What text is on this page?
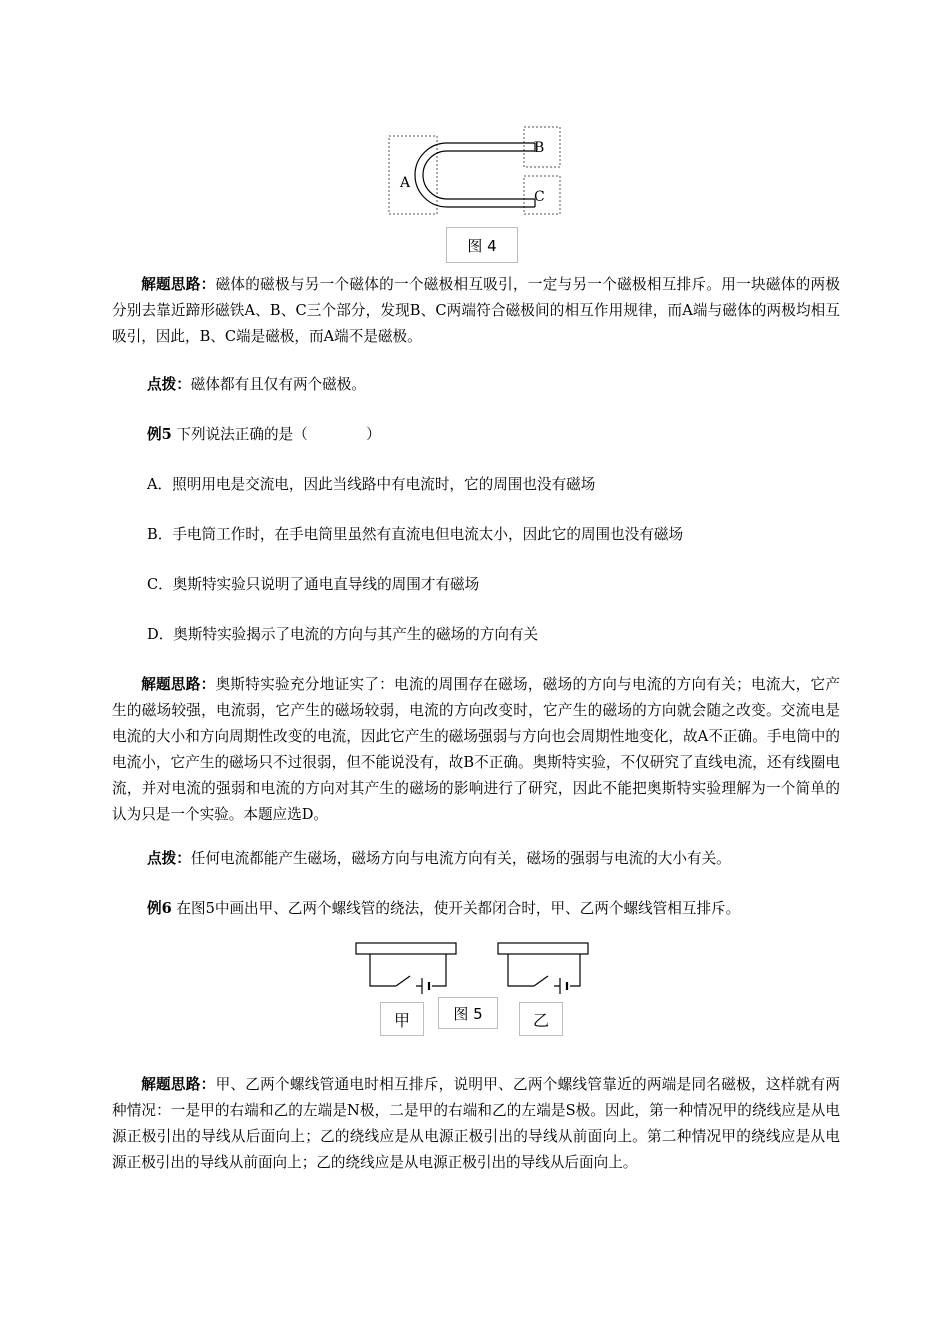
A
B
C
图 4

解题思路：磁体的磁极与另一个磁体的一个磁极相互吸引，一定与另一个磁极相互排斥。用一块磁体的两极分别去靠近蹄形磁铁A、B、C三个部分，发现B、C两端符合磁极间的相互作用规律，而A端与磁体的两极均相互吸引，因此，B、C端是磁极，而A端不是磁极。

点拨：磁体都有且仅有两个磁极。

例5 下列说法正确的是（　　　　）

A．照明用电是交流电，因此当线路中有电流时，它的周围也没有磁场

B．手电筒工作时，在手电筒里虽然有直流电但电流太小，因此它的周围也没有磁场

C．奥斯特实验只说明了通电直导线的周围才有磁场

D．奥斯特实验揭示了电流的方向与其产生的磁场的方向有关

解题思路：奥斯特实验充分地证实了：电流的周围存在磁场，磁场的方向与电流的方向有关；电流大，它产生的磁场较强，电流弱，它产生的磁场较弱，电流的方向改变时，它产生的磁场的方向就会随之改变。交流电是电流的大小和方向周期性改变的电流，因此它产生的磁场强弱与方向也会周期性地变化，故A不正确。手电筒中的电流小，它产生的磁场只不过很弱，但不能说没有，故B不正确。奥斯特实验，不仅研究了直线电流，还有线圈电流，并对电流的强弱和电流的方向对其产生的磁场的影响进行了研究，因此不能把奥斯特实验理解为一个简单的认为只是一个实验。本题应选D。

点拨：任何电流都能产生磁场，磁场方向与电流方向有关，磁场的强弱与电流的大小有关。

例6 在图5中画出甲、乙两个螺线管的绕法，使开关都闭合时，甲、乙两个螺线管相互排斥。

甲	图 5	乙

解题思路：甲、乙两个螺线管通电时相互排斥，说明甲、乙两个螺线管靠近的两端是同名磁极，这样就有两种情况：一是甲的右端和乙的左端是N极，二是甲的右端和乙的左端是S极。因此，第一种情况甲的绕线应是从电源正极引出的导线从后面向上；乙的绕线应是从电源正极引出的导线从前面向上。第二种情况甲的绕线应是从电源正极引出的导线从前面向上；乙的绕线应是从电源正极引出的导线从后面向上。
